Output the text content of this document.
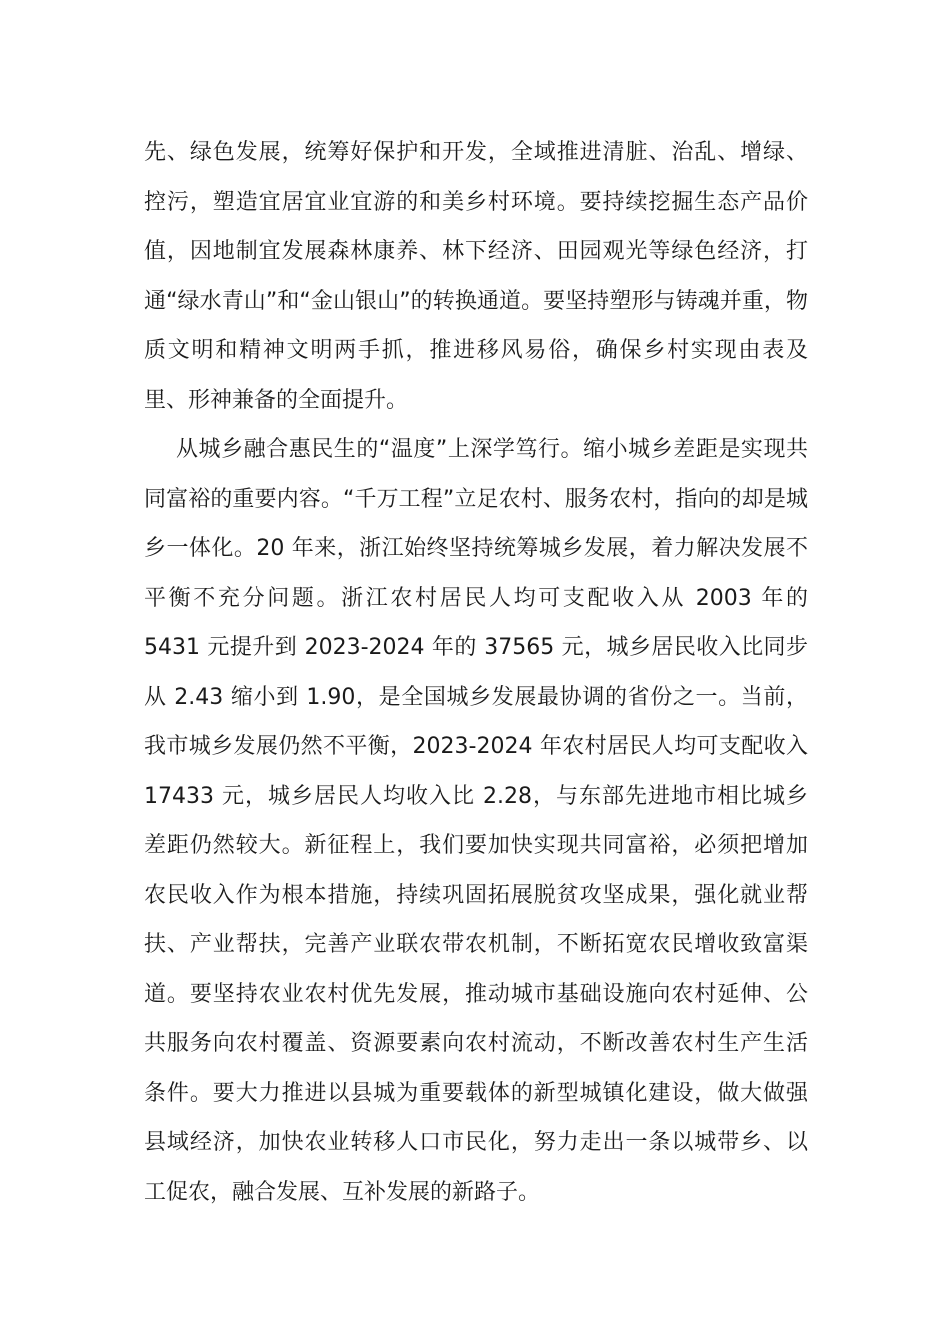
先、绿色发展，统筹好保护和开发，全域推进清脏、治乱、增绿、
控污，塑造宜居宜业宜游的和美乡村环境。要持续挖掘生态产品价
值，因地制宜发展森林康养、林下经济、田园观光等绿色经济，打
通“绿水青山”和“金山银山”的转换通道。要坚持塑形与铸魂并重，物
质文明和精神文明两手抓，推进移风易俗，确保乡村实现由表及
里、形神兼备的全面提升。
从城乡融合惠民生的“温度”上深学笃行。缩小城乡差距是实现共
同富裕的重要内容。“千万工程”立足农村、服务农村，指向的却是城
乡一体化。20 年来，浙江始终坚持统筹城乡发展，着力解决发展不
平衡不充分问题。浙江农村居民人均可支配收入从 2003 年的
5431 元提升到 2023-2024 年的 37565 元，城乡居民收入比同步
从 2.43 缩小到 1.90，是全国城乡发展最协调的省份之一。当前，
我市城乡发展仍然不平衡，2023-2024 年农村居民人均可支配收入
17433 元，城乡居民人均收入比 2.28，与东部先进地市相比城乡
差距仍然较大。新征程上，我们要加快实现共同富裕，必须把增加
农民收入作为根本措施，持续巩固拓展脱贫攻坚成果，强化就业帮
扶、产业帮扶，完善产业联农带农机制，不断拓宽农民增收致富渠
道。要坚持农业农村优先发展，推动城市基础设施向农村延伸、公
共服务向农村覆盖、资源要素向农村流动，不断改善农村生产生活
条件。要大力推进以县城为重要载体的新型城镇化建设，做大做强
县域经济，加快农业转移人口市民化，努力走出一条以城带乡、以
工促农，融合发展、互补发展的新路子。
